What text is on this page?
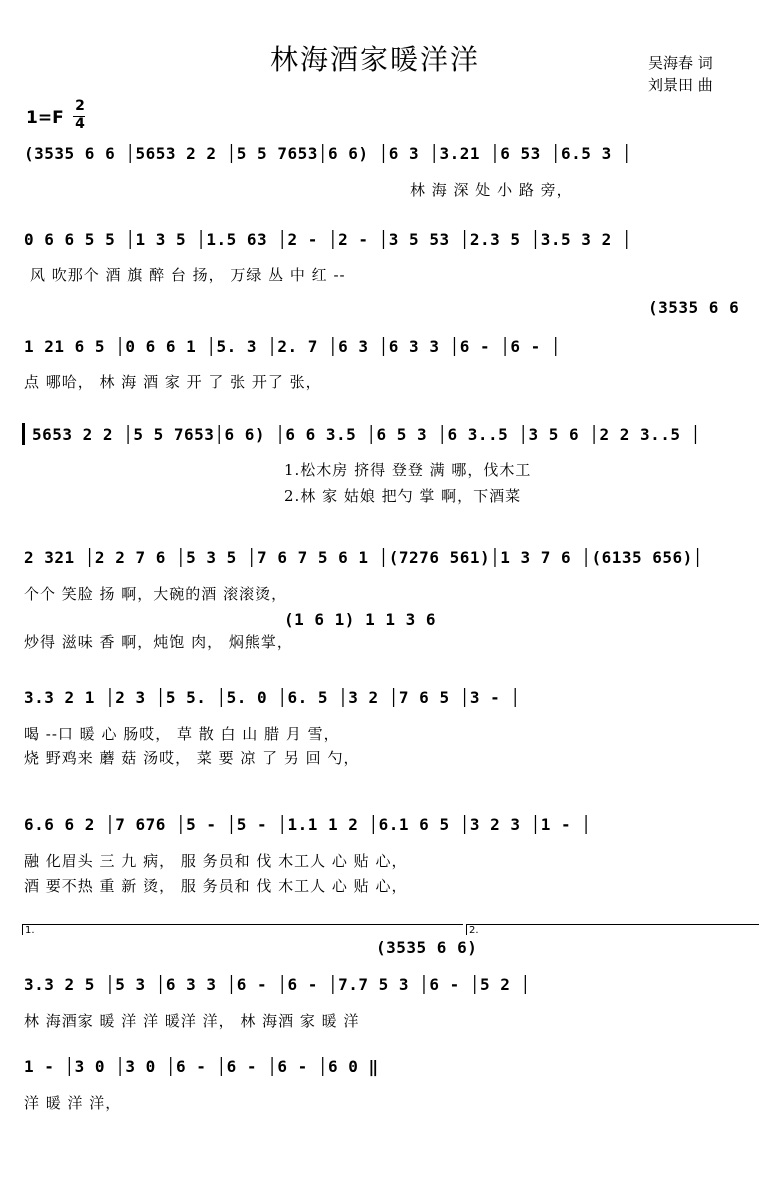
林海酒家暖洋洋	吴海春 词
刘景田 曲
1=F
2
4
(3535 6 6 │5653 2 2 │5 5 7653│6 6) │6 3 │3.21 │6 53 │6.5 3 │
林 海 深 处 小 路 旁，
0 6 6 5 5 │1 3 5 │1.5 63 │2 - │2 - │3 5 53 │2.3 5 │3.5 3 2 │
风 吹那个 酒 旗 醉 台 扬， 万绿 丛 中 红 --
(3535 6 6
1 21 6 5 │0 6 6 1 │5. 3 │2. 7 │6 3 │6 3 3 │6 - │6 - │
点 哪哈， 林 海 酒 家 开 了 张 开了 张，
5653 2 2 │5 5 7653│6 6) │6 6 3.5 │6 5 3 │6 3..5 │3 5 6 │2 2 3..5 │
1.松木房 挤得 登登 满 哪，伐木工
2.林 家 姑娘 把勺 掌 啊，下酒菜
2 321 │2 2 7 6 │5 3 5 │7 6 7 5 6 1 │(7276 561)│1 3 7 6 │(6135 656)│
个个 笑脸 扬 啊，大碗的酒 滚滚烫，
(1 6 1) 1 1 3 6
炒得 滋味 香 啊，炖饱 肉， 焖熊掌，
3.3 2 1 │2 3 │5 5. │5. 0 │6. 5 │3 2 │7 6 5 │3 - │
喝 --口 暖 心 肠哎， 草 散 白 山 腊 月 雪，
烧 野鸡来 蘑 菇 汤哎， 菜 要 凉 了 另 回 勺，
6.6 6 2 │7 676 │5 - │5 - │1.1 1 2 │6.1 6 5 │3 2 3 │1 - │
融 化眉头 三 九 病， 服 务员和 伐 木工人 心 贴 心，
酒 要不热 重 新 烫， 服 务员和 伐 木工人 心 贴 心，
1.	2.
(3535 6 6)
3.3 2 5 │5 3 │6 3 3 │6 - │6 - │7.7 5 3 │6 - │5 2 │
林 海酒家 暖 洋 洋 暖洋 洋， 林 海酒 家 暖 洋
1 - │3 0 │3 0 │6 - │6 - │6 - │6 0 ‖
洋 暖 洋 洋，
